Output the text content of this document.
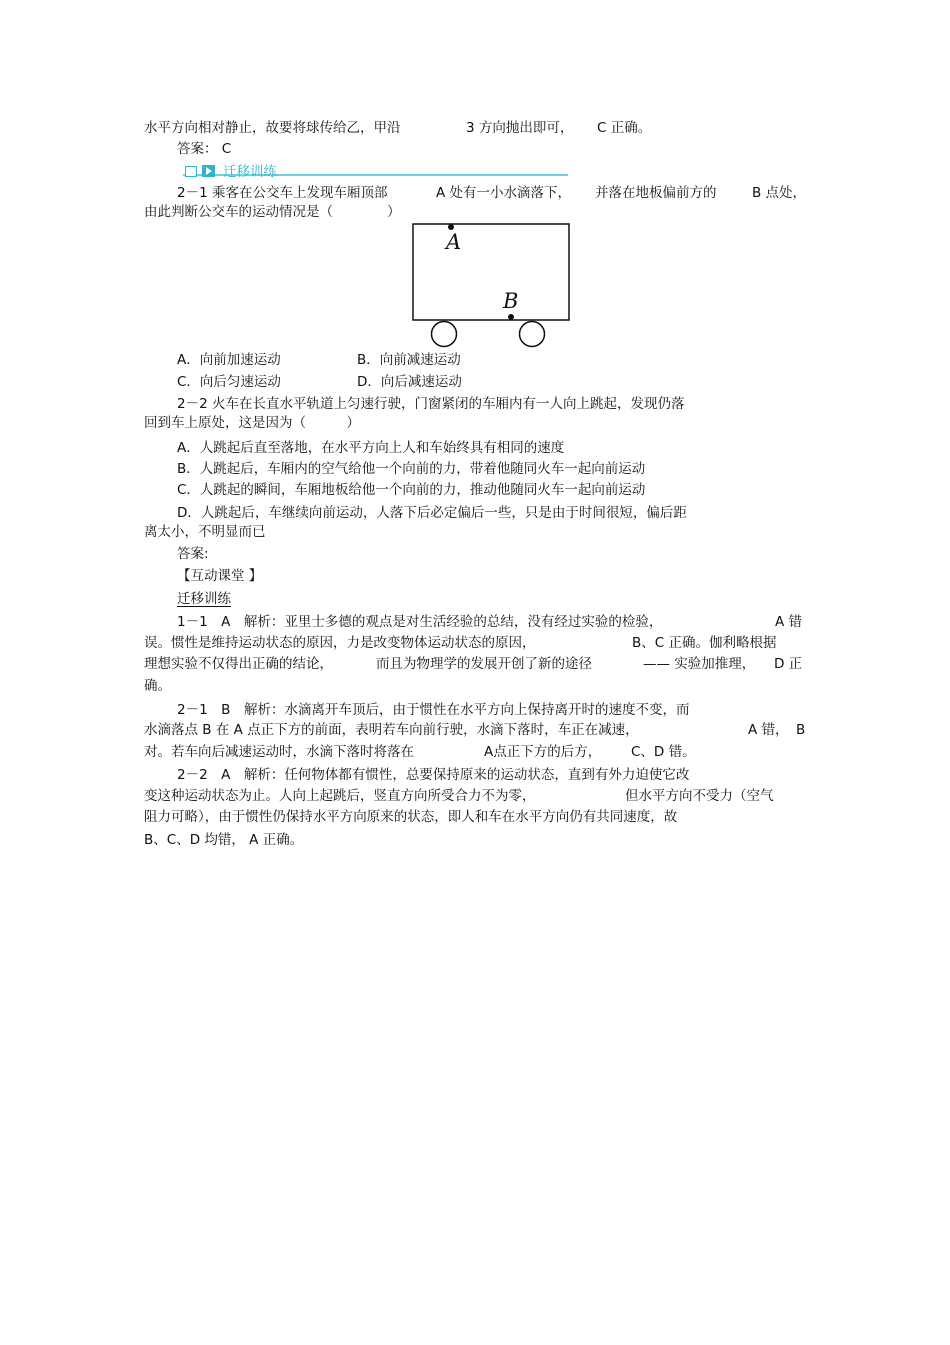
水平方向相对静止，故要将球传给乙，甲沿	3 方向抛出即可， C 正确。
答案： C
迁移训练
2－1 乘客在公交车上发现车厢顶部	A 处有一小水滴落下， 并落在地板偏前方的	B 点处，
由此判断公交车的运动情况是（　　　　）
A
B
A．向前加速运动	B．向前减速运动
C．向后匀速运动	D．向后减速运动
2－2 火车在长直水平轨道上匀速行驶，门窗紧闭的车厢内有一人向上跳起，发现仍落
回到车上原处，这是因为（　　　）
A．人跳起后直至落地，在水平方向上人和车始终具有相同的速度
B．人跳起后，车厢内的空气给他一个向前的力，带着他随同火车一起向前运动
C．人跳起的瞬间，车厢地板给他一个向前的力，推动他随同火车一起向前运动
D．人跳起后，车继续向前运动，人落下后必定偏后一些，只是由于时间很短，偏后距
离太小，不明显而已
答案:
【互动课堂 】
迁移训练
1－1　A　解析：亚里士多德的观点是对生活经验的总结，没有经过实验的检验，	A 错
误。惯性是维持运动状态的原因，力是改变物体运动状态的原因，	B、C 正确。伽利略根据
理想实验不仅得出正确的结论，	而且为物理学的发展开创了新的途径	—— 实验加推理， D 正
确。
2－1　B　解析：水滴离开车顶后，由于惯性在水平方向上保持离开时的速度不变，而
水滴落点 B 在 A 点正下方的前面，表明若车向前行驶，水滴下落时，车正在减速，	A 错， B
对。若车向后减速运动时，水滴下落时将落在	A点正下方的后方， C、D 错。
2－2　A　解析：任何物体都有惯性，总要保持原来的运动状态，直到有外力迫使它改
变这种运动状态为止。人向上起跳后，竖直方向所受合力不为零，	但水平方向不受力（空气
阻力可略），由于惯性仍保持水平方向原来的状态，即人和车在水平方向仍有共同速度，故
B、C、D 均错， A 正确。
